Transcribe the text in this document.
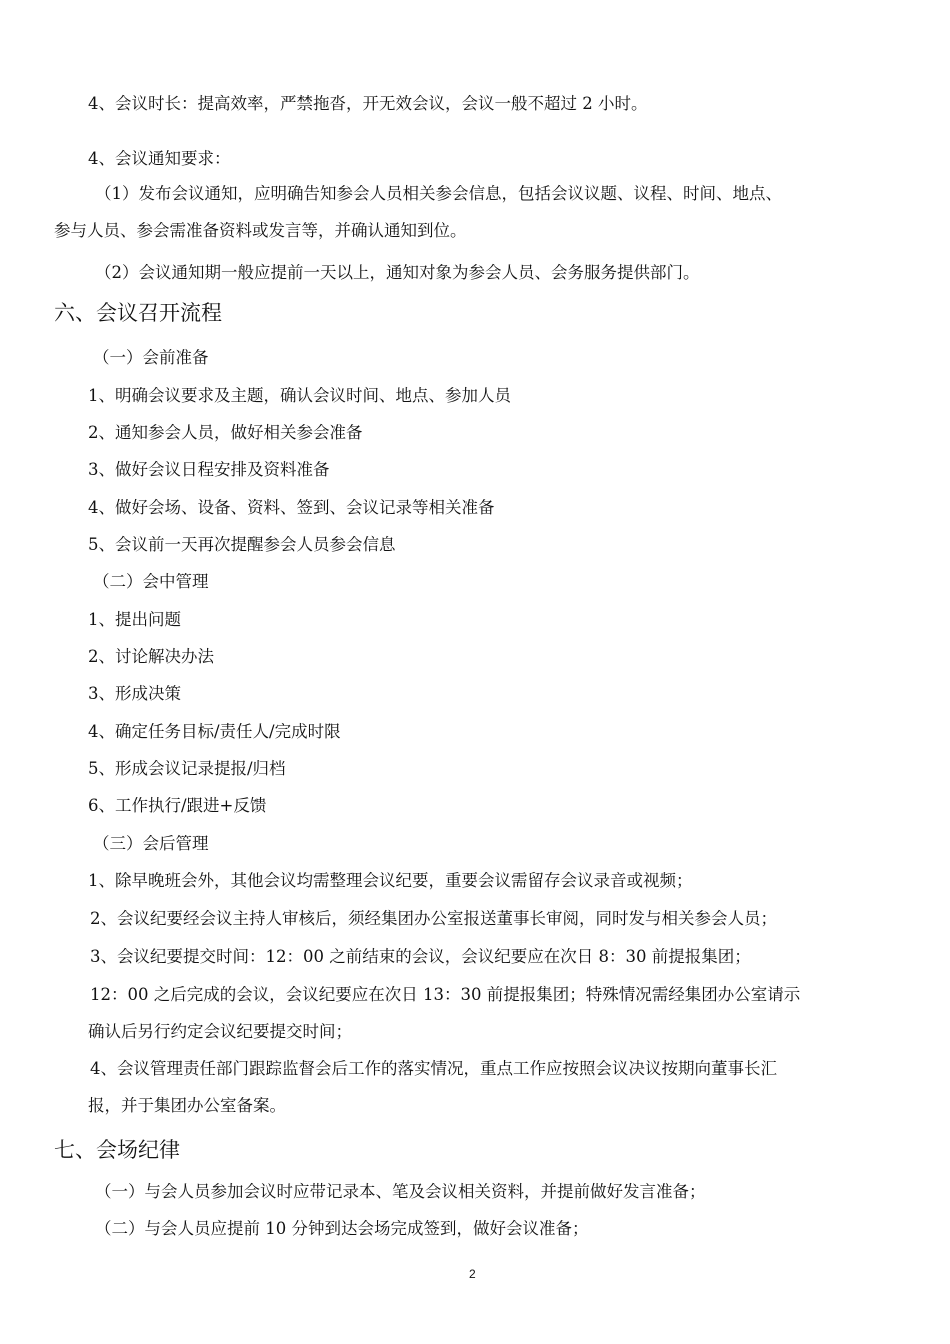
4、会议时长：提高效率，严禁拖沓，开无效会议，会议一般不超过 2 小时。
4、会议通知要求：
（1）发布会议通知，应明确告知参会人员相关参会信息，包括会议议题、议程、时间、地点、
参与人员、参会需准备资料或发言等，并确认通知到位。
（2）会议通知期一般应提前一天以上，通知对象为参会人员、会务服务提供部门。
六、会议召开流程
（一）会前准备
1、明确会议要求及主题，确认会议时间、地点、参加人员
2、通知参会人员，做好相关参会准备
3、做好会议日程安排及资料准备
4、做好会场、设备、资料、签到、会议记录等相关准备
5、会议前一天再次提醒参会人员参会信息
（二）会中管理
1、提出问题
2、讨论解决办法
3、形成决策
4、确定任务目标/责任人/完成时限
5、形成会议记录提报/归档
6、工作执行/跟进+反馈
（三）会后管理
1、除早晚班会外，其他会议均需整理会议纪要，重要会议需留存会议录音或视频；
2、会议纪要经会议主持人审核后，须经集团办公室报送董事长审阅，同时发与相关参会人员；
3、会议纪要提交时间：12：00 之前结束的会议，会议纪要应在次日 8：30 前提报集团；
12：00 之后完成的会议，会议纪要应在次日 13：30 前提报集团；特殊情况需经集团办公室请示
确认后另行约定会议纪要提交时间；
4、会议管理责任部门跟踪监督会后工作的落实情况，重点工作应按照会议决议按期向董事长汇
报，并于集团办公室备案。
七、会场纪律
（一）与会人员参加会议时应带记录本、笔及会议相关资料，并提前做好发言准备；
（二）与会人员应提前 10 分钟到达会场完成签到，做好会议准备；
2
